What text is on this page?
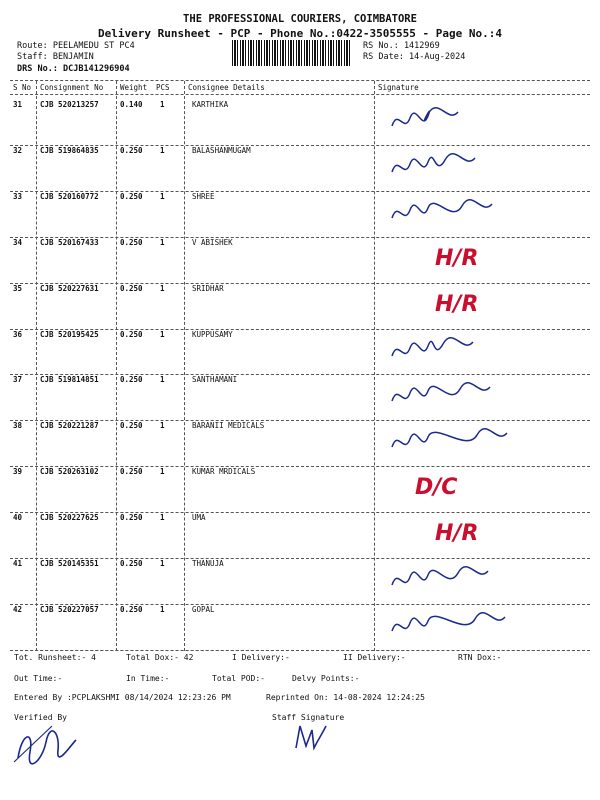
THE PROFESSIONAL COURIERS, COIMBATORE
Delivery Runsheet - PCP - Phone No.:0422-3505555 - Page No.:4
Route: PEELAMEDU ST PC4
Staff: BENJAMIN
DRS No.: DCJB141296904
RS No.: 1412969
RS Date: 14-Aug-2024
S No Consignment No Weight PCS Consignee Details	Signature
31 CJB 520213257	0.140 1	KARTHIKA
32 CJB 519864835	0.250 1	BALASHANMUGAM
33 CJB 520160772	0.250 1	SHREE
34 CJB 520167433	0.250 1	V ABISHEK
H/R
35 CJB 520227631	0.250 1	SRIDHAR
H/R
36 CJB 520195425	0.250 1	KUPPUSAMY
37 CJB 519814851	0.250 1	SANTHAMANI
38 CJB 520221287	0.250 1	BARANII MEDICALS
39 CJB 520263102	0.250 1	KUMAR MRDICALS
D/C
40 CJB 520227625	0.250 1	UMA
H/R
41 CJB 520145351	0.250 1	THANUJA
42 CJB 520227057	0.250 1	GOPAL
Tot. Runsheet:- 4	Total Dox:- 42	I Delivery:-	II Delivery:-	RTN Dox:-
Out Time:-	In Time:-	Total POD:-	Delvy Points:-
Entered By :PCPLAKSHMI 08/14/2024 12:23:26 PM	Reprinted On: 14-08-2024 12:24:25
Verified By	Staff Signature
